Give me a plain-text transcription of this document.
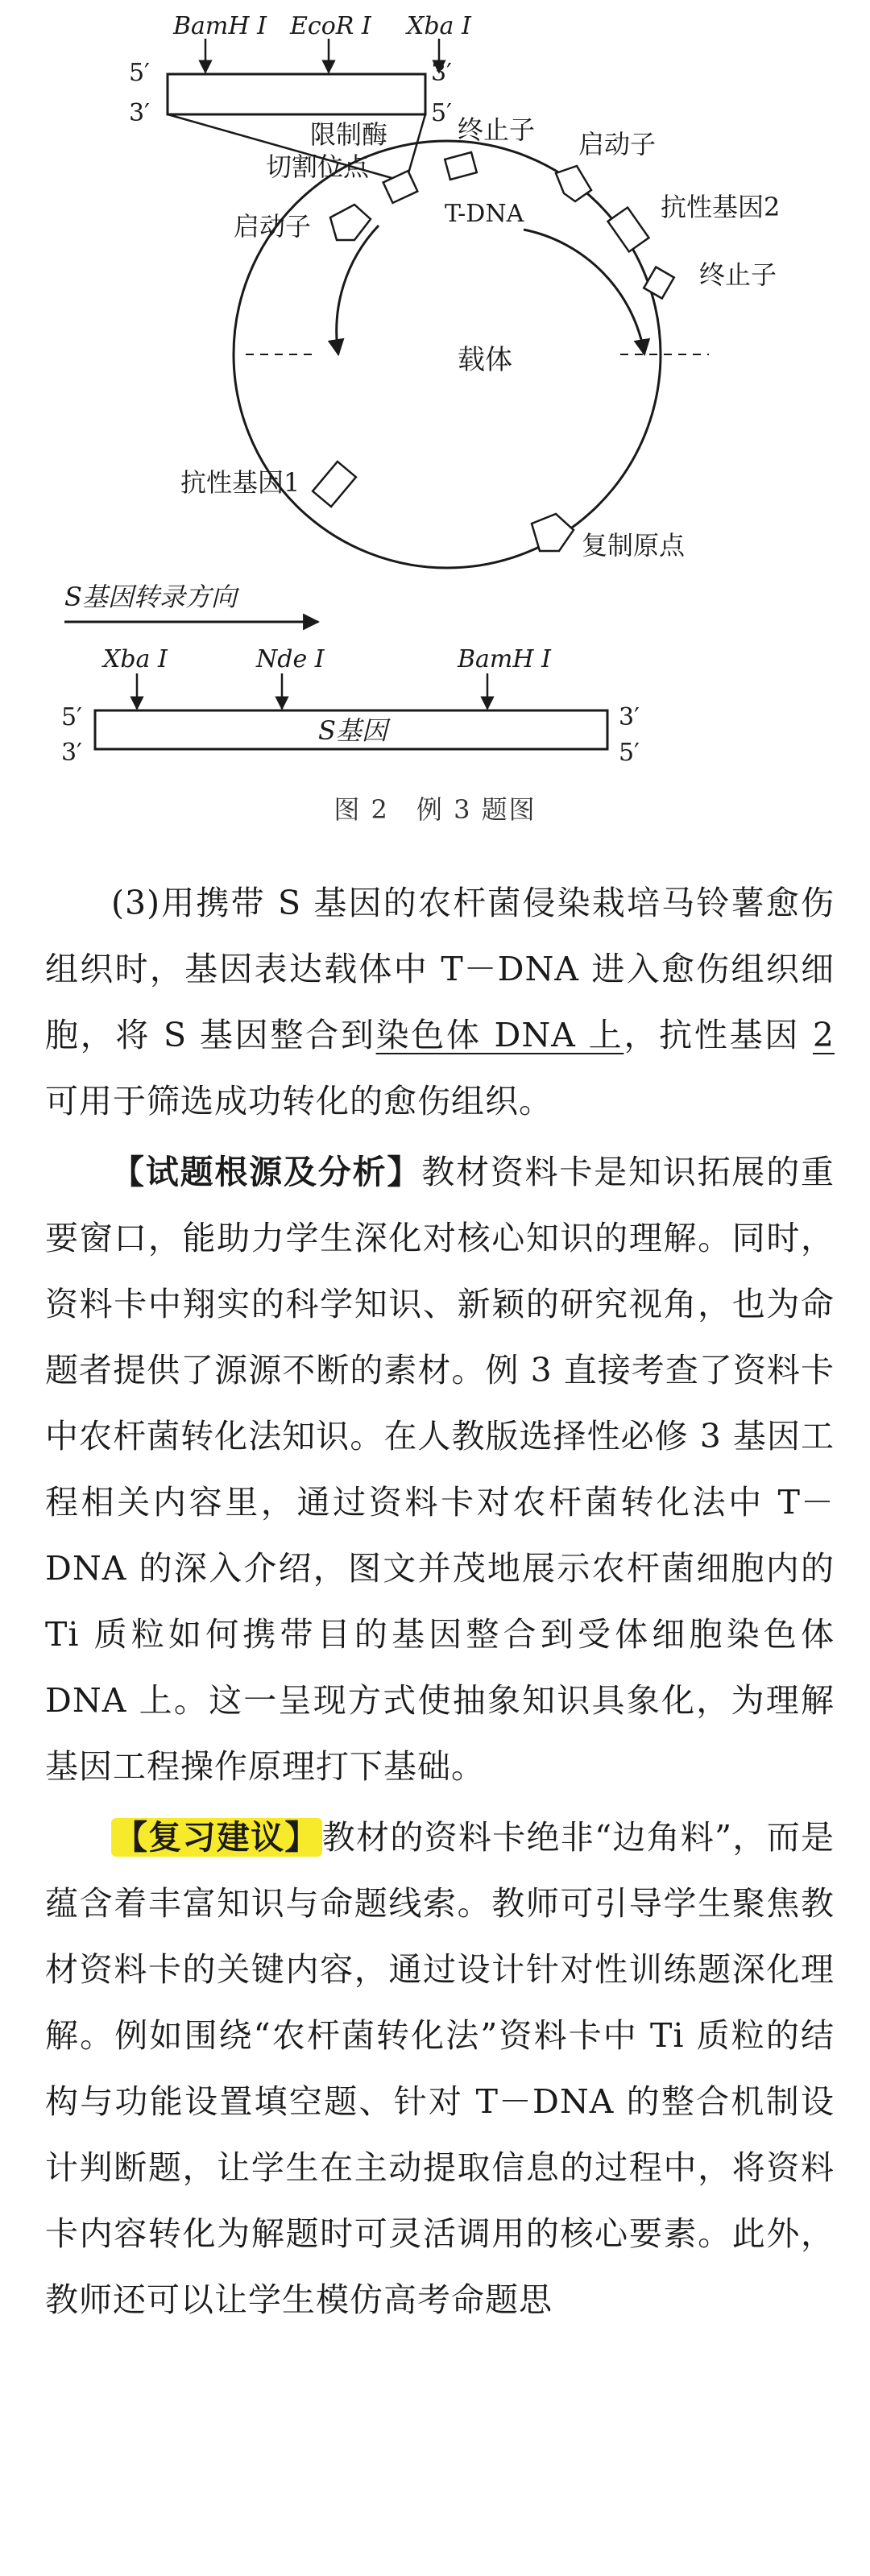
BamH Ⅰ EcoR Ⅰ Xba Ⅰ
5′
3′
3′
5′
限制酶
切割位点
终止子 启动子
抗性基因2
终止子
启动子	T-DNA
载体
抗性基因1
复制原点
S基因转录方向
Xba Ⅰ	Nde Ⅰ	BamH Ⅰ
S基因
5′
3′
3′
5′
图 2　例 3 题图

(3)用携带 S 基因的农杆菌侵染栽培马铃薯愈伤组织时，基因表达载体中 T－DNA 进入愈伤组织细胞，将 S 基因整合到染色体 DNA 上，抗性基因 2 可用于筛选成功转化的愈伤组织。

【试题根源及分析】教材资料卡是知识拓展的重要窗口，能助力学生深化对核心知识的理解。同时，资料卡中翔实的科学知识、新颖的研究视角，也为命题者提供了源源不断的素材。例 3 直接考查了资料卡中农杆菌转化法知识。在人教版选择性必修 3 基因工程相关内容里，通过资料卡对农杆菌转化法中 T－DNA 的深入介绍，图文并茂地展示农杆菌细胞内的 Ti 质粒如何携带目的基因整合到受体细胞染色体 DNA 上。这一呈现方式使抽象知识具象化，为理解基因工程操作原理打下基础。

【复习建议】教材的资料卡绝非“边角料”，而是蕴含着丰富知识与命题线索。教师可引导学生聚焦教材资料卡的关键内容，通过设计针对性训练题深化理解。例如围绕“农杆菌转化法”资料卡中 Ti 质粒的结构与功能设置填空题、针对 T－DNA 的整合机制设计判断题，让学生在主动提取信息的过程中，将资料卡内容转化为解题时可灵活调用的核心要素。此外，教师还可以让学生模仿高考命题思
